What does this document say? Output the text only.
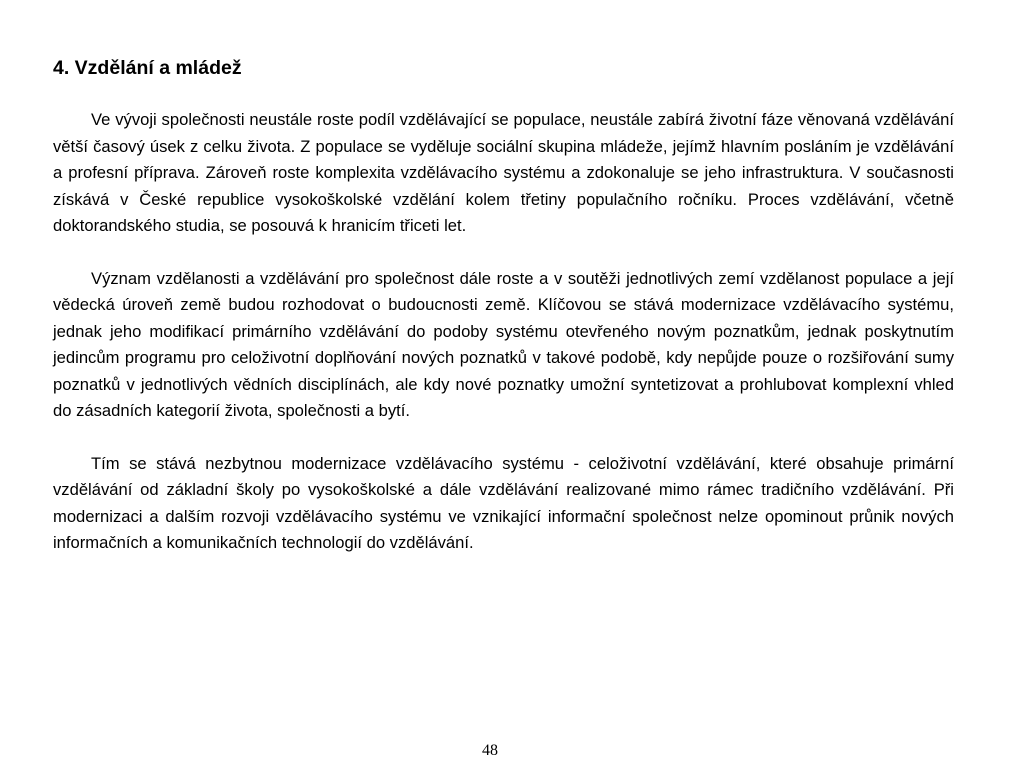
4. Vzdělání a mládež

Ve vývoji společnosti neustále roste podíl vzdělávající se populace, neustále zabírá životní fáze věnovaná vzdělávání větší časový úsek z celku života. Z populace se vyděluje sociální skupina mládeže, jejímž hlavním posláním je vzdělávání a profesní příprava. Zároveň roste komplexita vzdělávacího systému a zdokonaluje se jeho infrastruktura. V současnosti získává v České republice vysokoškolské vzdělání kolem třetiny populačního ročníku. Proces vzdělávání, včetně doktorandského studia, se posouvá k hranicím třiceti let.

Význam vzdělanosti a vzdělávání pro společnost dále roste a v soutěži jednotlivých zemí vzdělanost populace a její vědecká úroveň země budou rozhodovat o budoucnosti země. Klíčovou se stává modernizace vzdělávacího systému, jednak jeho modifikací primárního vzdělávání do podoby systému otevřeného novým poznatkům, jednak poskytnutím jedincům programu pro celoživotní doplňování nových poznatků v takové podobě, kdy nepůjde pouze o rozšiřování sumy poznatků v jednotlivých vědních disciplínách, ale kdy nové poznatky umožní syntetizovat a prohlubovat komplexní vhled do zásadních kategorií života, společnosti a bytí.

Tím se stává nezbytnou modernizace vzdělávacího systému - celoživotní vzdělávání, které obsahuje primární vzdělávání od základní školy po vysokoškolské a dále vzdělávání realizované mimo rámec tradičního vzdělávání. Při modernizaci a dalším rozvoji vzdělávacího systému ve vznikající informační společnost nelze opominout průnik nových informačních a komunikačních technologií do vzdělávání.

48
